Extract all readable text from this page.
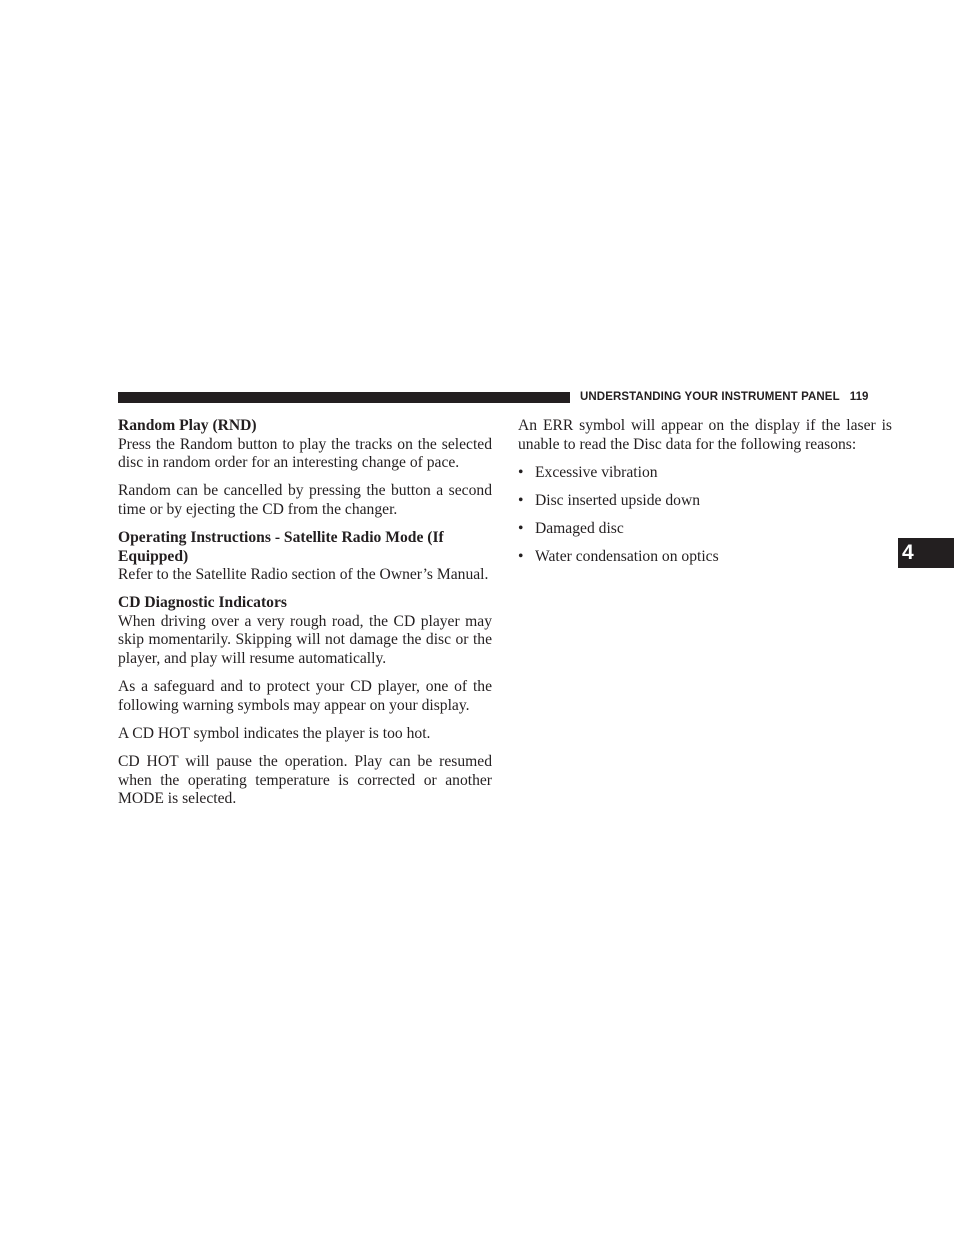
UNDERSTANDING YOUR INSTRUMENT PANEL 119
4
Random Play (RND)

Press the Random button to play the tracks on the selected disc in random order for an interesting change of pace.

Random can be cancelled by pressing the button a second time or by ejecting the CD from the changer.

Operating Instructions - Satellite Radio Mode (If Equipped)

Refer to the Satellite Radio section of the Owner’s Manual.

CD Diagnostic Indicators

When driving over a very rough road, the CD player may skip momentarily. Skipping will not damage the disc or the player, and play will resume automatically.

As a safeguard and to protect your CD player, one of the following warning symbols may appear on your display.

A CD HOT symbol indicates the player is too hot.

CD HOT will pause the operation. Play can be resumed when the operating temperature is corrected or another MODE is selected.

An ERR symbol will appear on the display if the laser is unable to read the Disc data for the following reasons:

• Excessive vibration
• Disc inserted upside down
• Damaged disc
• Water condensation on optics
